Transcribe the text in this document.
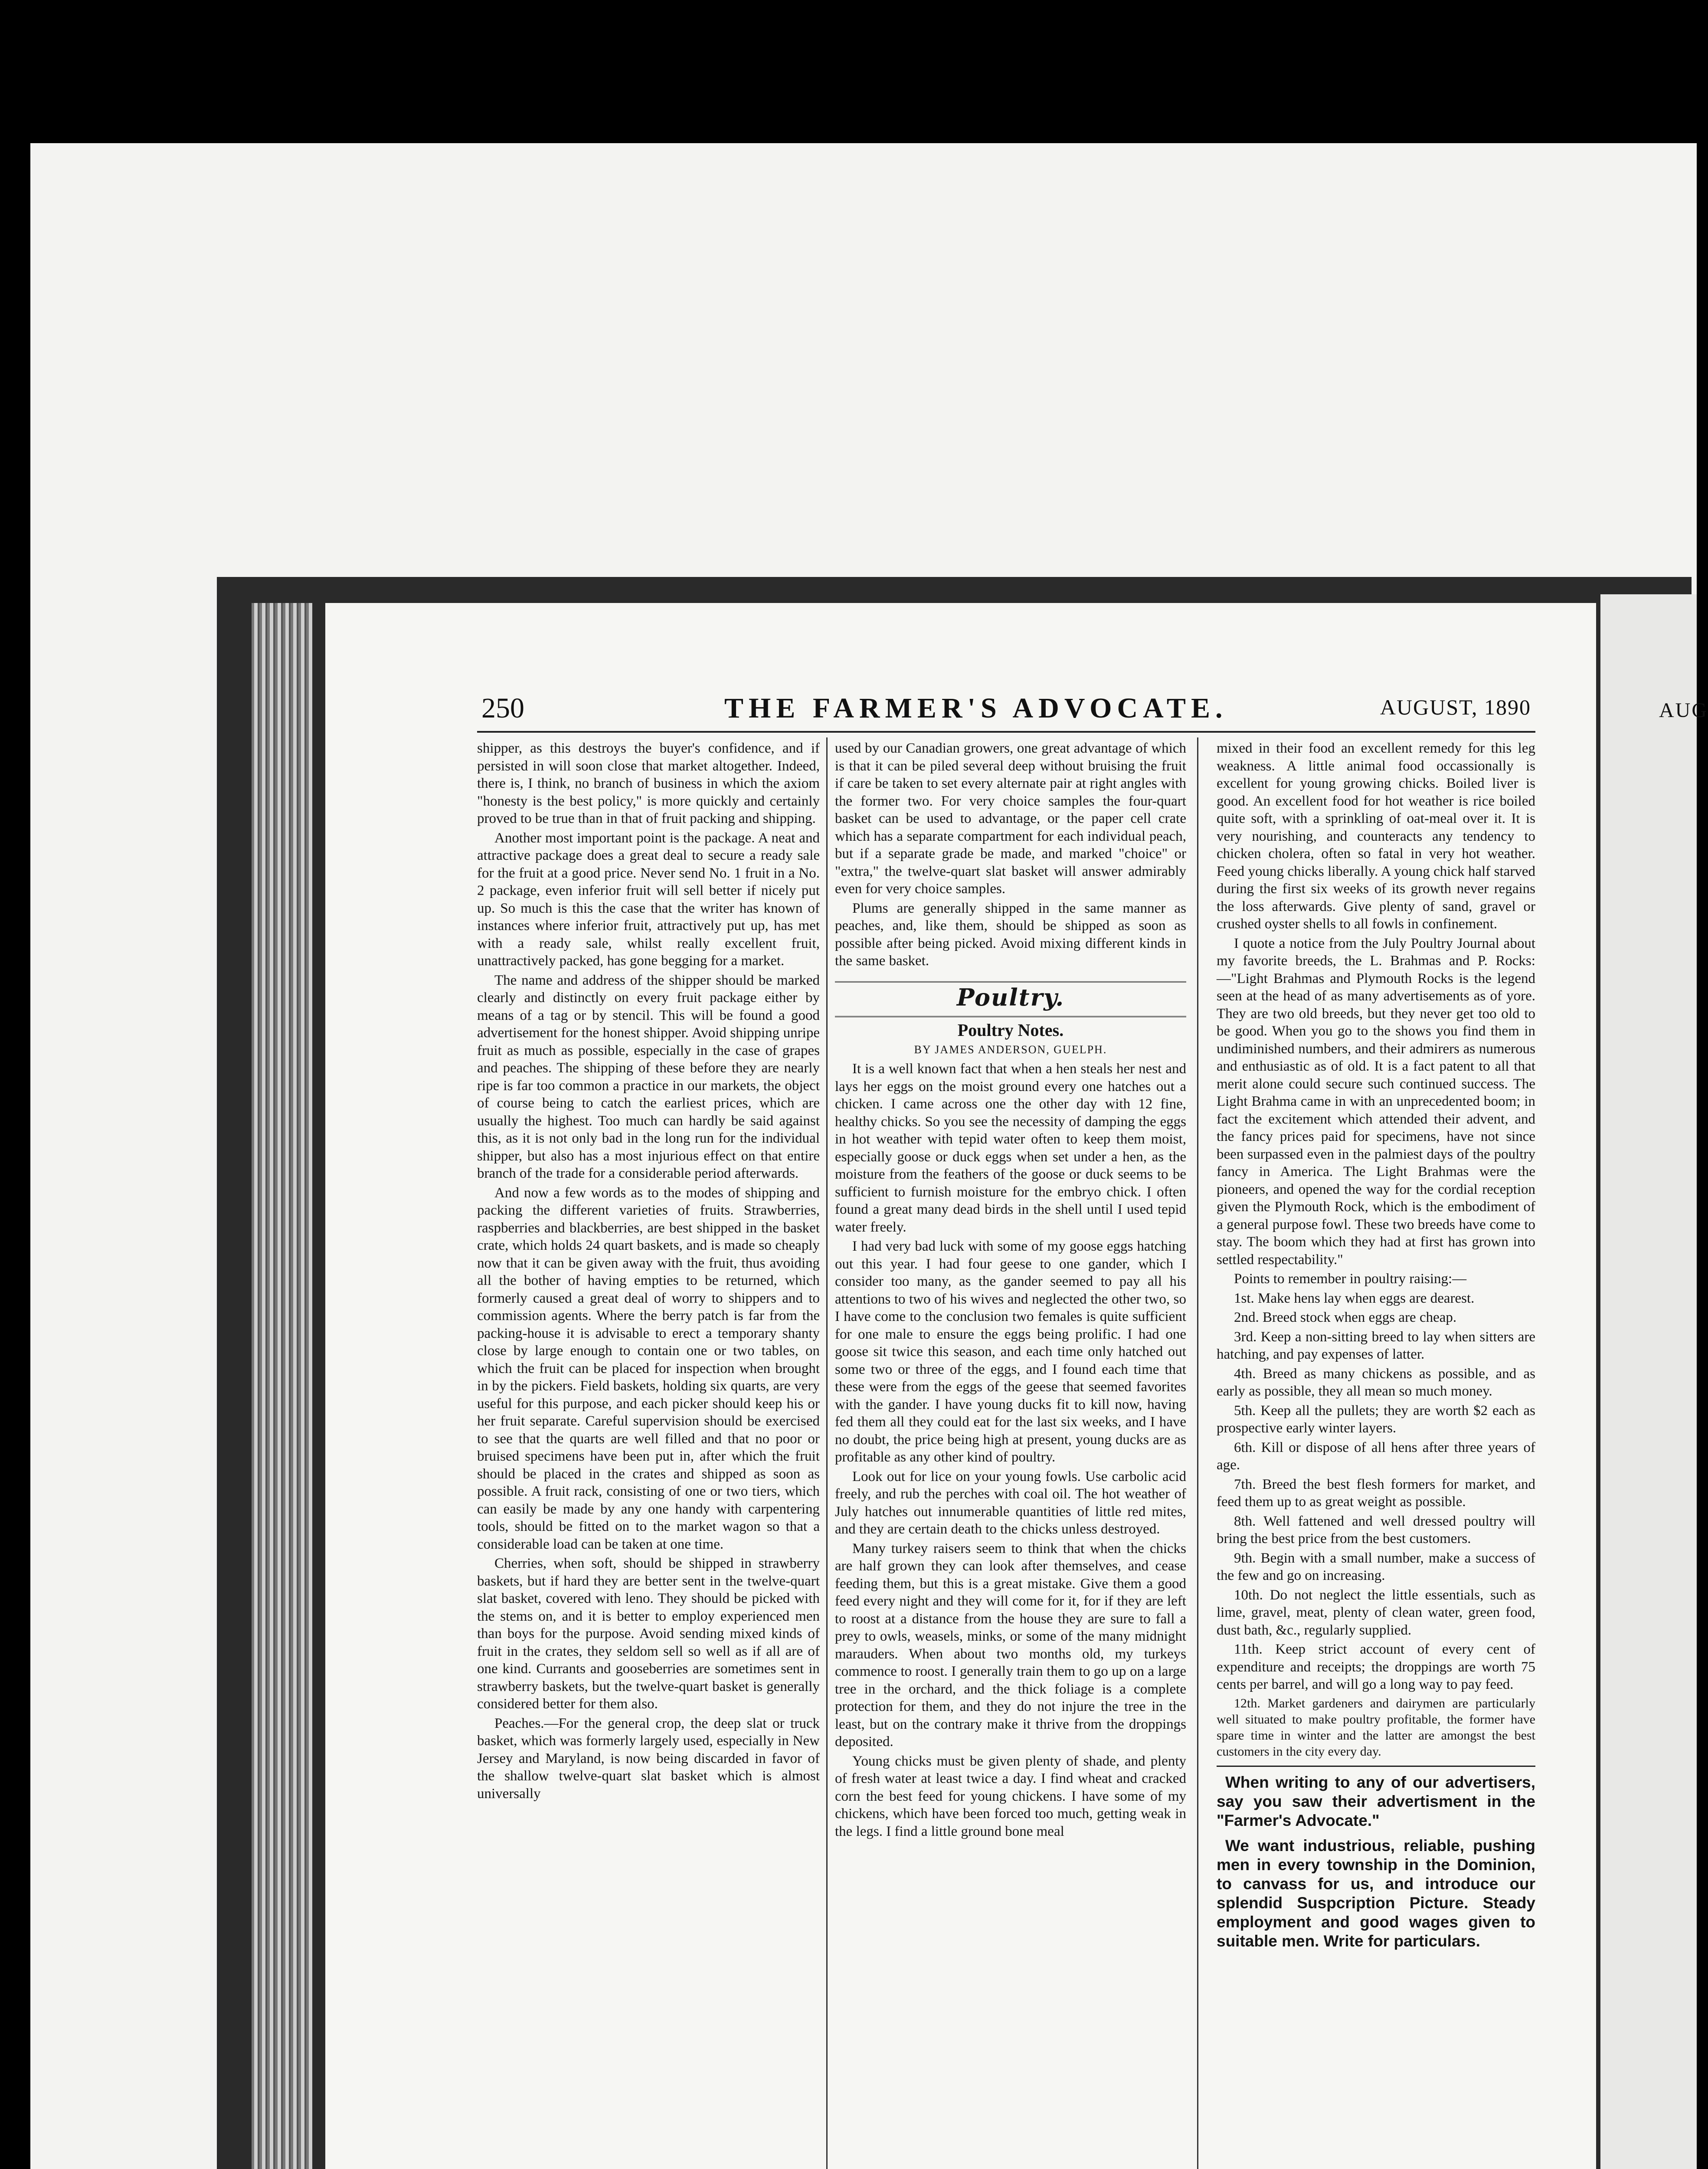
AUG
250	THE FARMER'S ADVOCATE.	AUGUST, 1890

shipper, as this destroys the buyer's confidence, and if persisted in will soon close that market altogether. Indeed, there is, I think, no branch of business in which the axiom "honesty is the best policy," is more quickly and certainly proved to be true than in that of fruit packing and shipping.

Another most important point is the package. A neat and attractive package does a great deal to secure a ready sale for the fruit at a good price. Never send No. 1 fruit in a No. 2 package, even inferior fruit will sell better if nicely put up. So much is this the case that the writer has known of instances where inferior fruit, attractively put up, has met with a ready sale, whilst really excellent fruit, unattractively packed, has gone begging for a market.

The name and address of the shipper should be marked clearly and distinctly on every fruit package either by means of a tag or by stencil. This will be found a good advertisement for the honest shipper. Avoid shipping unripe fruit as much as possible, especially in the case of grapes and peaches. The shipping of these before they are nearly ripe is far too common a practice in our markets, the object of course being to catch the earliest prices, which are usually the highest. Too much can hardly be said against this, as it is not only bad in the long run for the individual shipper, but also has a most injurious effect on that entire branch of the trade for a considerable period afterwards.

And now a few words as to the modes of shipping and packing the different varieties of fruits. Strawberries, raspberries and blackberries, are best shipped in the basket crate, which holds 24 quart baskets, and is made so cheaply now that it can be given away with the fruit, thus avoiding all the bother of having empties to be returned, which formerly caused a great deal of worry to shippers and to commission agents. Where the berry patch is far from the packing-house it is advisable to erect a temporary shanty close by large enough to contain one or two tables, on which the fruit can be placed for inspection when brought in by the pickers. Field baskets, holding six quarts, are very useful for this purpose, and each picker should keep his or her fruit separate. Careful supervision should be exercised to see that the quarts are well filled and that no poor or bruised specimens have been put in, after which the fruit should be placed in the crates and shipped as soon as possible. A fruit rack, consisting of one or two tiers, which can easily be made by any one handy with carpentering tools, should be fitted on to the market wagon so that a considerable load can be taken at one time.

Cherries, when soft, should be shipped in strawberry baskets, but if hard they are better sent in the twelve-quart slat basket, covered with leno. They should be picked with the stems on, and it is better to employ experienced men than boys for the purpose. Avoid sending mixed kinds of fruit in the crates, they seldom sell so well as if all are of one kind. Currants and gooseberries are sometimes sent in strawberry baskets, but the twelve-quart basket is generally considered better for them also.

Peaches.—For the general crop, the deep slat or truck basket, which was formerly largely used, especially in New Jersey and Maryland, is now being discarded in favor of the shallow twelve-quart slat basket which is almost universally

used by our Canadian growers, one great advantage of which is that it can be piled several deep without bruising the fruit if care be taken to set every alternate pair at right angles with the former two. For very choice samples the four-quart basket can be used to advantage, or the paper cell crate which has a separate compartment for each individual peach, but if a separate grade be made, and marked "choice" or "extra," the twelve-quart slat basket will answer admirably even for very choice samples.

Plums are generally shipped in the same manner as peaches, and, like them, should be shipped as soon as possible after being picked. Avoid mixing different kinds in the same basket.

Poultry.

Poultry Notes.

BY JAMES ANDERSON, GUELPH.

It is a well known fact that when a hen steals her nest and lays her eggs on the moist ground every one hatches out a chicken. I came across one the other day with 12 fine, healthy chicks. So you see the necessity of damping the eggs in hot weather with tepid water often to keep them moist, especially goose or duck eggs when set under a hen, as the moisture from the feathers of the goose or duck seems to be sufficient to furnish moisture for the embryo chick. I often found a great many dead birds in the shell until I used tepid water freely.

I had very bad luck with some of my goose eggs hatching out this year. I had four geese to one gander, which I consider too many, as the gander seemed to pay all his attentions to two of his wives and neglected the other two, so I have come to the conclusion two females is quite sufficient for one male to ensure the eggs being prolific. I had one goose sit twice this season, and each time only hatched out some two or three of the eggs, and I found each time that these were from the eggs of the geese that seemed favorites with the gander. I have young ducks fit to kill now, having fed them all they could eat for the last six weeks, and I have no doubt, the price being high at present, young ducks are as profitable as any other kind of poultry.

Look out for lice on your young fowls. Use carbolic acid freely, and rub the perches with coal oil. The hot weather of July hatches out innumerable quantities of little red mites, and they are certain death to the chicks unless destroyed.

Many turkey raisers seem to think that when the chicks are half grown they can look after themselves, and cease feeding them, but this is a great mistake. Give them a good feed every night and they will come for it, for if they are left to roost at a distance from the house they are sure to fall a prey to owls, weasels, minks, or some of the many midnight marauders. When about two months old, my turkeys commence to roost. I generally train them to go up on a large tree in the orchard, and the thick foliage is a complete protection for them, and they do not injure the tree in the least, but on the contrary make it thrive from the droppings deposited.

Young chicks must be given plenty of shade, and plenty of fresh water at least twice a day. I find wheat and cracked corn the best feed for young chickens. I have some of my chickens, which have been forced too much, getting weak in the legs. I find a little ground bone meal

mixed in their food an excellent remedy for this leg weakness. A little animal food occassionally is excellent for young growing chicks. Boiled liver is good. An excellent food for hot weather is rice boiled quite soft, with a sprinkling of oat-meal over it. It is very nourishing, and counteracts any tendency to chicken cholera, often so fatal in very hot weather. Feed young chicks liberally. A young chick half starved during the first six weeks of its growth never regains the loss afterwards. Give plenty of sand, gravel or crushed oyster shells to all fowls in confinement.

I quote a notice from the July Poultry Journal about my favorite breeds, the L. Brahmas and P. Rocks:—"Light Brahmas and Plymouth Rocks is the legend seen at the head of as many advertisements as of yore. They are two old breeds, but they never get too old to be good. When you go to the shows you find them in undiminished numbers, and their admirers as numerous and enthusiastic as of old. It is a fact patent to all that merit alone could secure such continued success. The Light Brahma came in with an unprecedented boom; in fact the excitement which attended their advent, and the fancy prices paid for specimens, have not since been surpassed even in the palmiest days of the poultry fancy in America. The Light Brahmas were the pioneers, and opened the way for the cordial reception given the Plymouth Rock, which is the embodiment of a general purpose fowl. These two breeds have come to stay. The boom which they had at first has grown into settled respectability."

Points to remember in poultry raising:—

1st. Make hens lay when eggs are dearest.

2nd. Breed stock when eggs are cheap.

3rd. Keep a non-sitting breed to lay when sitters are hatching, and pay expenses of latter.

4th. Breed as many chickens as possible, and as early as possible, they all mean so much money.

5th. Keep all the pullets; they are worth $2 each as prospective early winter layers.

6th. Kill or dispose of all hens after three years of age.

7th. Breed the best flesh formers for market, and feed them up to as great weight as possible.

8th. Well fattened and well dressed poultry will bring the best price from the best customers.

9th. Begin with a small number, make a success of the few and go on increasing.

10th. Do not neglect the little essentials, such as lime, gravel, meat, plenty of clean water, green food, dust bath, &c., regularly supplied.

11th. Keep strict account of every cent of expenditure and receipts; the droppings are worth 75 cents per barrel, and will go a long way to pay feed.

12th. Market gardeners and dairymen are particularly well situated to make poultry profitable, the former have spare time in winter and the latter are amongst the best customers in the city every day.

When writing to any of our advertisers, say you saw their advertisment in the "Farmer's Advocate."

We want industrious, reliable, pushing men in every township in the Dominion, to canvass for us, and introduce our splendid Suspcription Picture. Steady employment and good wages given to suitable men. Write for particulars.
